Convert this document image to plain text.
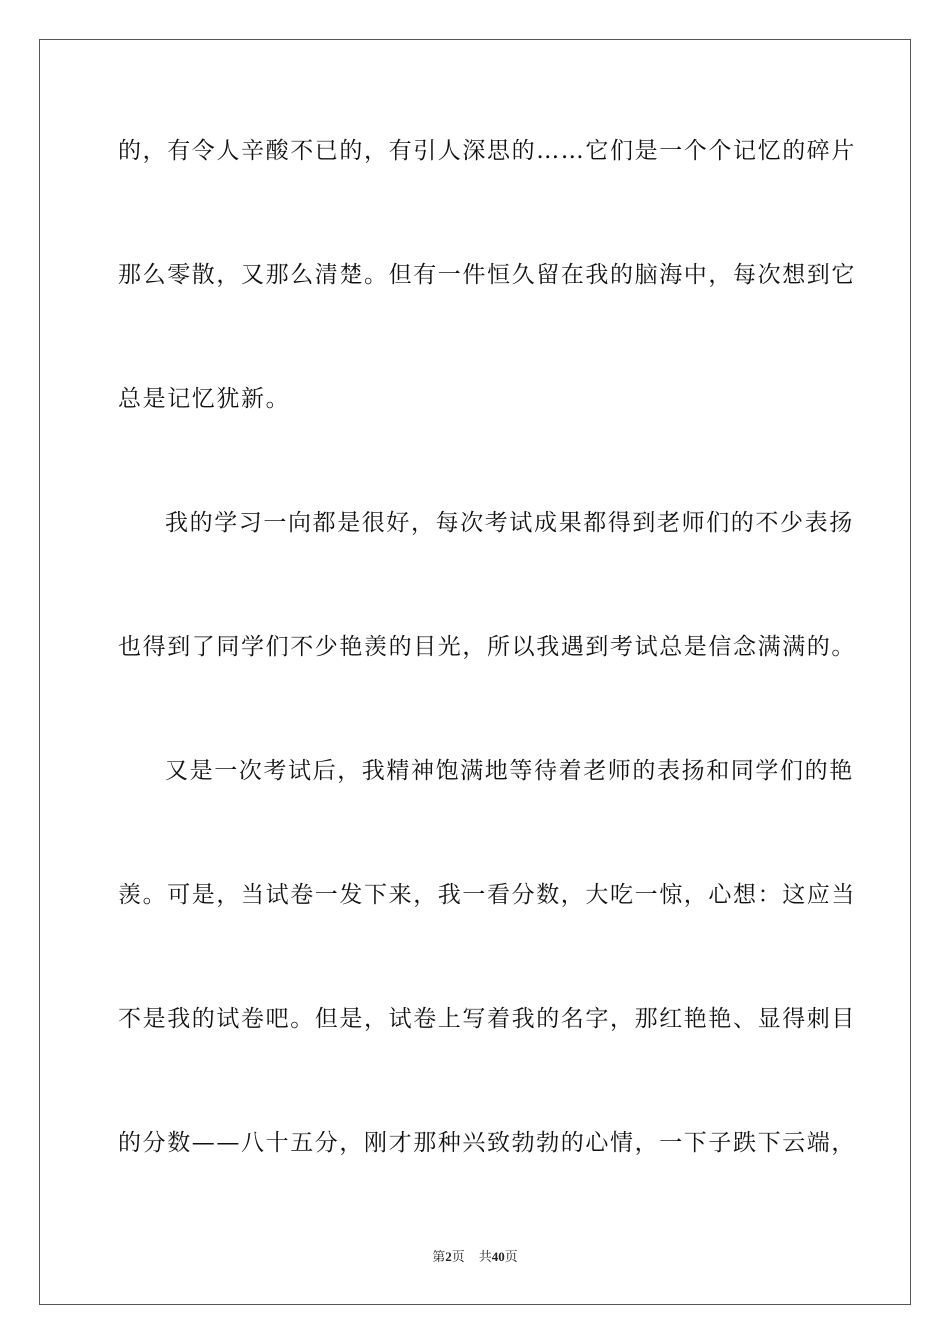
的，有令人辛酸不已的，有引人深思的……它们是一个个记忆的碎片
那么零散，又那么清楚。但有一件恒久留在我的脑海中，每次想到它
总是记忆犹新。
我的学习一向都是很好，每次考试成果都得到老师们的不少表扬
也得到了同学们不少艳羡的目光，所以我遇到考试总是信念满满的。
又是一次考试后，我精神饱满地等待着老师的表扬和同学们的艳
羡。可是，当试卷一发下来，我一看分数，大吃一惊，心想：这应当
不是我的试卷吧。但是，试卷上写着我的名字，那红艳艳、显得刺目
的分数——八十五分，刚才那种兴致勃勃的心情，一下子跌下云端，
第2页 共40页
